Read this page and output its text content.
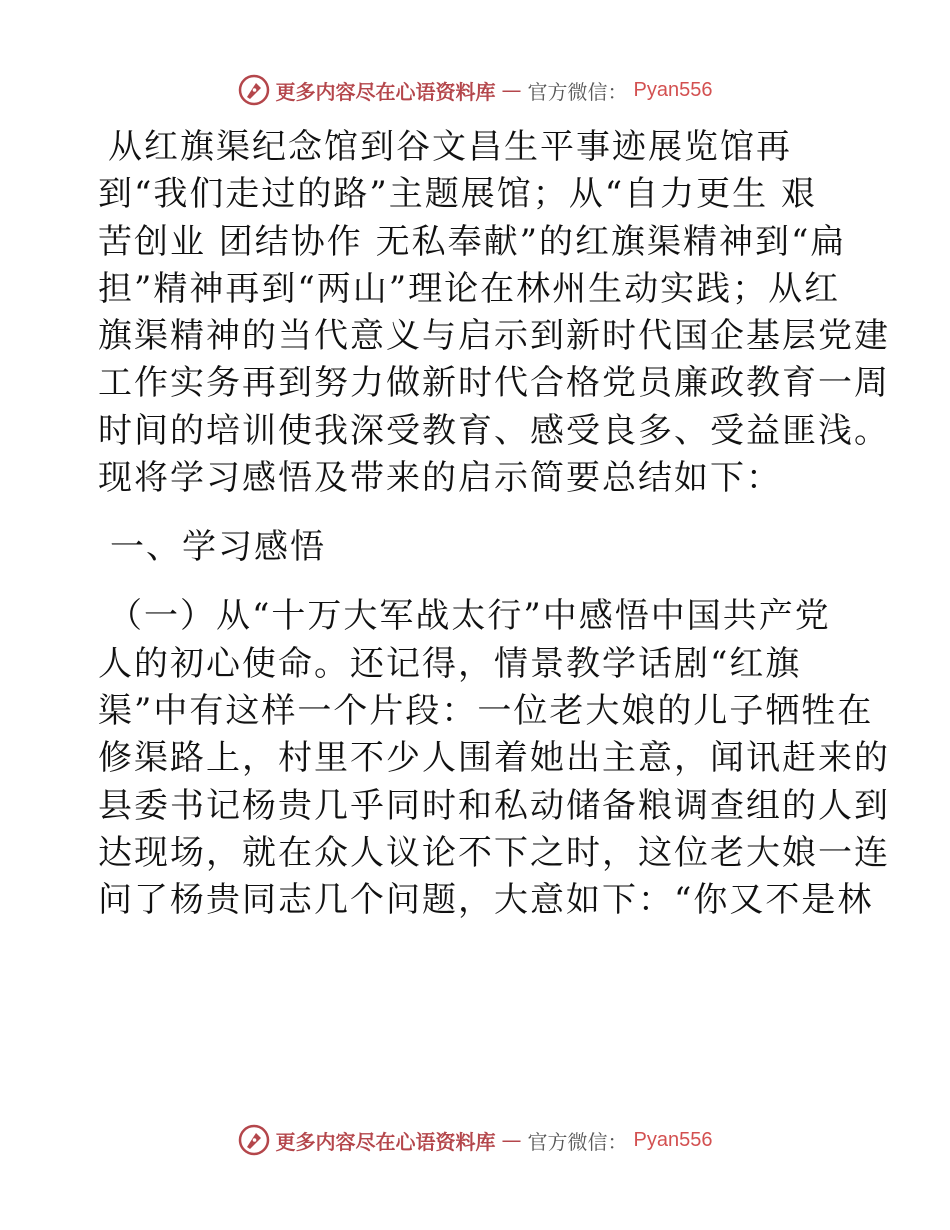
更多内容尽在心语资料库 — 官方微信： Pyan556
从红旗渠纪念馆到谷文昌生平事迹展览馆再
到“我们走过的路”主题展馆；从“自力更生 艰
苦创业 团结协作 无私奉献”的红旗渠精神到“扁
担”精神再到“两山”理论在林州生动实践；从红
旗渠精神的当代意义与启示到新时代国企基层党建
工作实务再到努力做新时代合格党员廉政教育一周
时间的培训使我深受教育、感受良多、受益匪浅。
现将学习感悟及带来的启示简要总结如下：
一、学习感悟
（一）从“十万大军战太行”中感悟中国共产党
人的初心使命。还记得，情景教学话剧“红旗
渠”中有这样一个片段：一位老大娘的儿子牺牲在
修渠路上，村里不少人围着她出主意，闻讯赶来的
县委书记杨贵几乎同时和私动储备粮调查组的人到
达现场，就在众人议论不下之时，这位老大娘一连
问了杨贵同志几个问题，大意如下：“你又不是林
更多内容尽在心语资料库 — 官方微信： Pyan556
